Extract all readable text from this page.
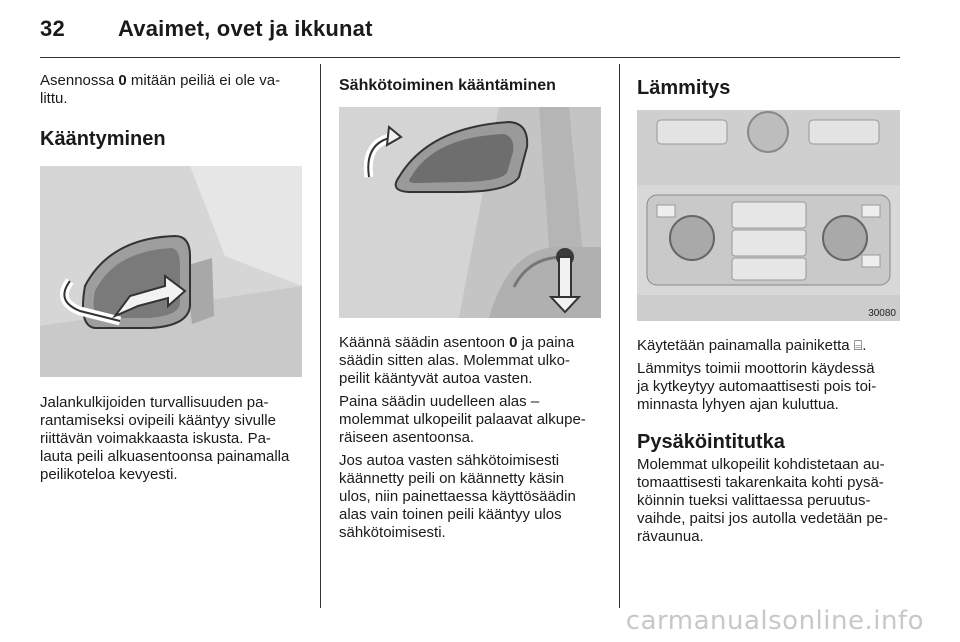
32 Avaimet, ovet ja ikkunat

Asennossa 0 mitään peiliä ei ole va-
littu.

Kääntyminen

Jalankulkijoiden turvallisuuden pa-
rantamiseksi ovipeili kääntyy sivulle
riittävän voimakkaasta iskusta. Pa-
lauta peili alkuasentoonsa painamalla
peilikoteloa kevyesti.

Sähkötoiminen kääntäminen

Käännä säädin asentoon 0 ja paina
säädin sitten alas. Molemmat ulko-
peilit kääntyvät autoa vasten.

Paina säädin uudelleen alas –
molemmat ulkopeilit palaavat alkupe-
räiseen asentoonsa.

Jos autoa vasten sähkötoimisesti
käännetty peili on käännetty käsin
ulos, niin painettaessa käyttösäädin
alas vain toinen peili kääntyy ulos
sähkötoimisesti.

Lämmitys
30080

Käytetään painamalla painiketta ⌸.

Lämmitys toimii moottorin käydessä
ja kytkeytyy automaattisesti pois toi-
minnasta lyhyen ajan kuluttua.

Pysäköintitutka

Molemmat ulkopeilit kohdistetaan au-
tomaattisesti takarenkaita kohti pysä-
köinnin tueksi valittaessa peruutus-
vaihde, paitsi jos autolla vedetään pe-
rävaunua.

carmanualsonline.info
